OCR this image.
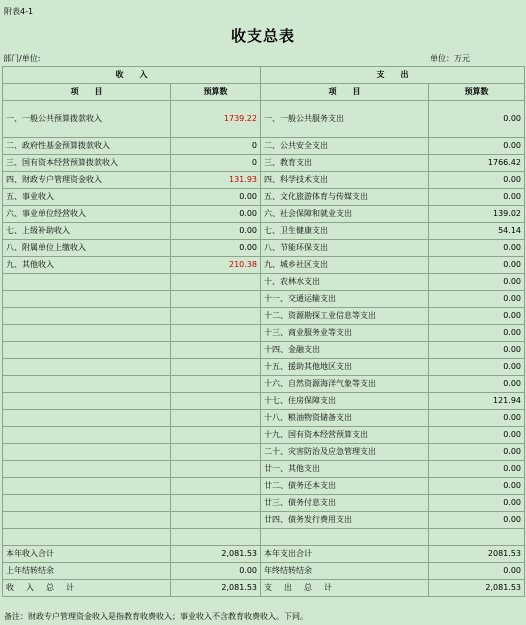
附表4-1
收支总表
部门/单位:	单位：万元
收　　入		支　　出	
项　　目	预算数	项　　目	预算数
一、一般公共预算拨款收入	1739.22	一、一般公共服务支出	0.00
二、政府性基金预算拨款收入	0	二、公共安全支出	0.00
三、国有资本经营预算拨款收入	0	三、教育支出	1766.42
四、财政专户管理资金收入	131.93	四、科学技术支出	0.00
五、事业收入	0.00	五、文化旅游体育与传媒支出	0.00
六、事业单位经营收入	0.00	六、社会保障和就业支出	139.02
七、上级补助收入	0.00	七、卫生健康支出	54.14
八、附属单位上缴收入	0.00	八、节能环保支出	0.00
九、其他收入	210.38	九、城乡社区支出	0.00
		十、农林水支出	0.00
		十一、交通运输支出	0.00
		十二、资源勘探工业信息等支出	0.00
		十三、商业服务业等支出	0.00
		十四、金融支出	0.00
		十五、援助其他地区支出	0.00
		十六、自然资源海洋气象等支出	0.00
		十七、住房保障支出	121.94
		十八、粮油物资储备支出	0.00
		十九、国有资本经营预算支出	0.00
		二十、灾害防治及应急管理支出	0.00
		廿一、其他支出	0.00
		廿二、债务还本支出	0.00
		廿三、债务付息支出	0.00
		廿四、债务发行费用支出	0.00

本年收入合计	2,081.53	本年支出合计	2081.53
上年结转结余	0.00	年终结转结余	0.00
收　入　总　计	2,081.53	支　出　总　计	2,081.53
备注：财政专户管理资金收入是指教育收费收入；事业收入不含教育收费收入。下同。
